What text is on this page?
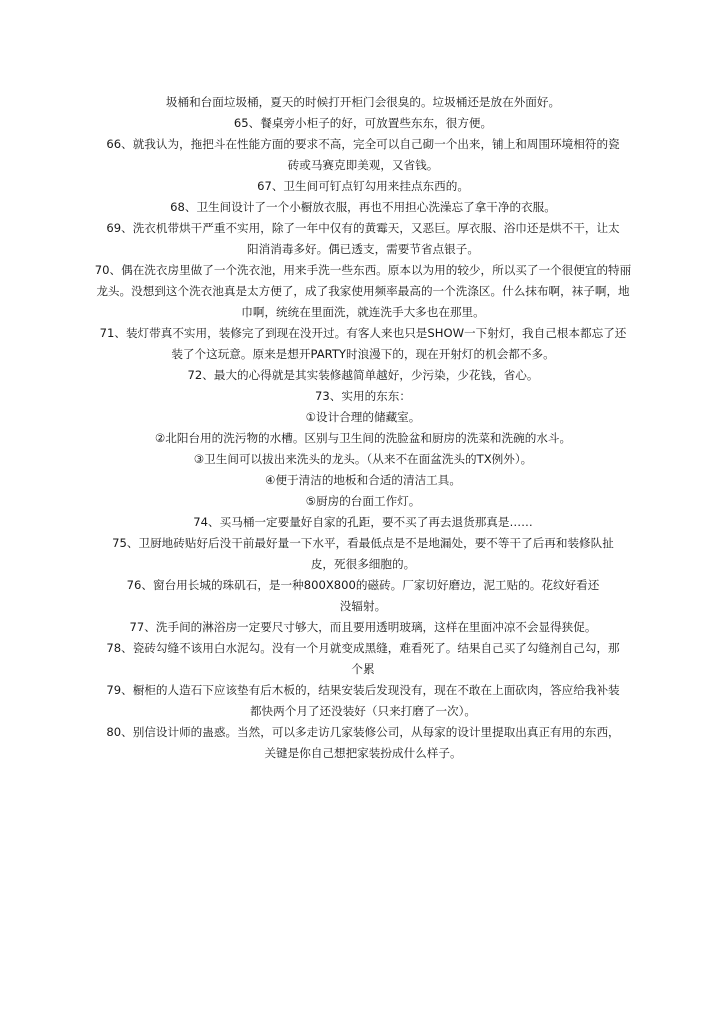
圾桶和台面垃圾桶，夏天的时候打开柜门会很臭的。垃圾桶还是放在外面好。

65、餐桌旁小柜子的好，可放置些东东，很方便。

66、就我认为，拖把斗在性能方面的要求不高，完全可以自己砌一个出来，铺上和周围环境相符的瓷砖或马赛克即美观，又省钱。

67、卫生间可钉点钉勾用来挂点东西的。

68、卫生间设计了一个小橱放衣服，再也不用担心洗澡忘了拿干净的衣服。

69、洗衣机带烘干严重不实用，除了一年中仅有的黄霉天，又恶巨。厚衣服、浴巾还是烘不干，让太阳消消毒多好。偶已透支，需要节省点银子。

70、偶在洗衣房里做了一个洗衣池，用来手洗一些东西。原本以为用的较少，所以买了一个很便宜的特丽龙头。没想到这个洗衣池真是太方便了，成了我家使用频率最高的一个洗涤区。什么抹布啊，袜子啊，地巾啊，统统在里面洗，就连洗手大多也在那里。

71、装灯带真不实用，装修完了到现在没开过。有客人来也只是SHOW一下射灯，我自己根本都忘了还装了个这玩意。原来是想开PARTY时浪漫下的，现在开射灯的机会都不多。

72、最大的心得就是其实装修越简单越好，少污染，少花钱，省心。

73、实用的东东：

①设计合理的储藏室。

②北阳台用的洗污物的水槽。区别与卫生间的洗脸盆和厨房的洗菜和洗碗的水斗。

③卫生间可以拔出来洗头的龙头。（从来不在面盆洗头的TX例外）。

④便于清洁的地板和合适的清洁工具。

⑤厨房的台面工作灯。

74、买马桶一定要量好自家的孔距，要不买了再去退货那真是……

75、卫厨地砖贴好后没干前最好量一下水平，看最低点是不是地漏处，要不等干了后再和装修队扯皮，死很多细胞的。

76、窗台用长城的珠矶石，是一种800X800的磁砖。厂家切好磨边，泥工贴的。花纹好看还

没辐射。

77、洗手间的淋浴房一定要尺寸够大，而且要用透明玻璃，这样在里面冲凉不会显得狭促。

78、瓷砖勾缝不该用白水泥勾。没有一个月就变成黑缝，难看死了。结果自己买了勾缝剂自己勾，那个累

79、橱柜的人造石下应该垫有后木板的，结果安装后发现没有，现在不敢在上面砍肉，答应给我补装都快两个月了还没装好（只来打磨了一次）。

80、别信设计师的蛊惑。当然，可以多走访几家装修公司，从每家的设计里提取出真正有用的东西，关键是你自己想把家装扮成什么样子。
